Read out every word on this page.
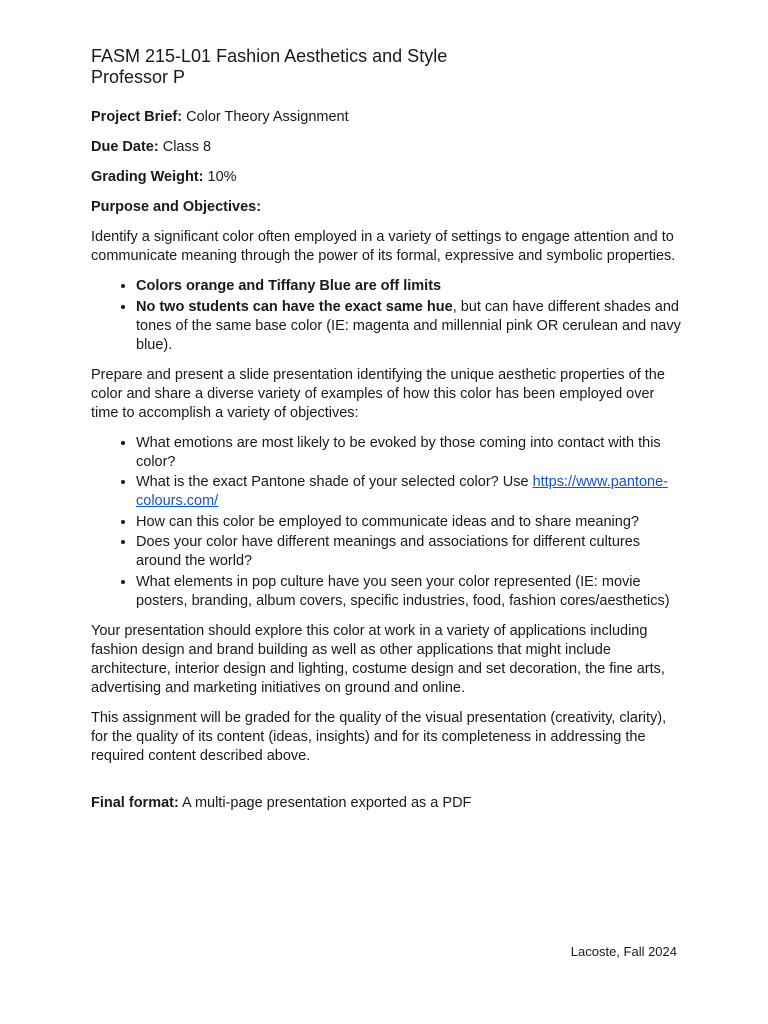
FASM 215-L01 Fashion Aesthetics and Style

Professor P

Project Brief: Color Theory Assignment

Due Date: Class 8

Grading Weight: 10%

Purpose and Objectives:

Identify a significant color often employed in a variety of settings to engage attention and to communicate meaning through the power of its formal, expressive and symbolic properties.

• Colors orange and Tiffany Blue are off limits
• No two students can have the exact same hue, but can have different shades and tones of the same base color (IE: magenta and millennial pink OR cerulean and navy blue).

Prepare and present a slide presentation identifying the unique aesthetic properties of the color and share a diverse variety of examples of how this color has been employed over time to accomplish a variety of objectives:

• What emotions are most likely to be evoked by those coming into contact with this color?
• What is the exact Pantone shade of your selected color? Use https://www.pantone-colours.com/
• How can this color be employed to communicate ideas and to share meaning?
• Does your color have different meanings and associations for different cultures around the world?
• What elements in pop culture have you seen your color represented (IE: movie posters, branding, album covers, specific industries, food, fashion cores/aesthetics)

Your presentation should explore this color at work in a variety of applications including fashion design and brand building as well as other applications that might include architecture, interior design and lighting, costume design and set decoration, the fine arts, advertising and marketing initiatives on ground and online.

This assignment will be graded for the quality of the visual presentation (creativity, clarity), for the quality of its content (ideas, insights) and for its completeness in addressing the required content described above.

Final format: A multi-page presentation exported as a PDF

Lacoste, Fall 2024
